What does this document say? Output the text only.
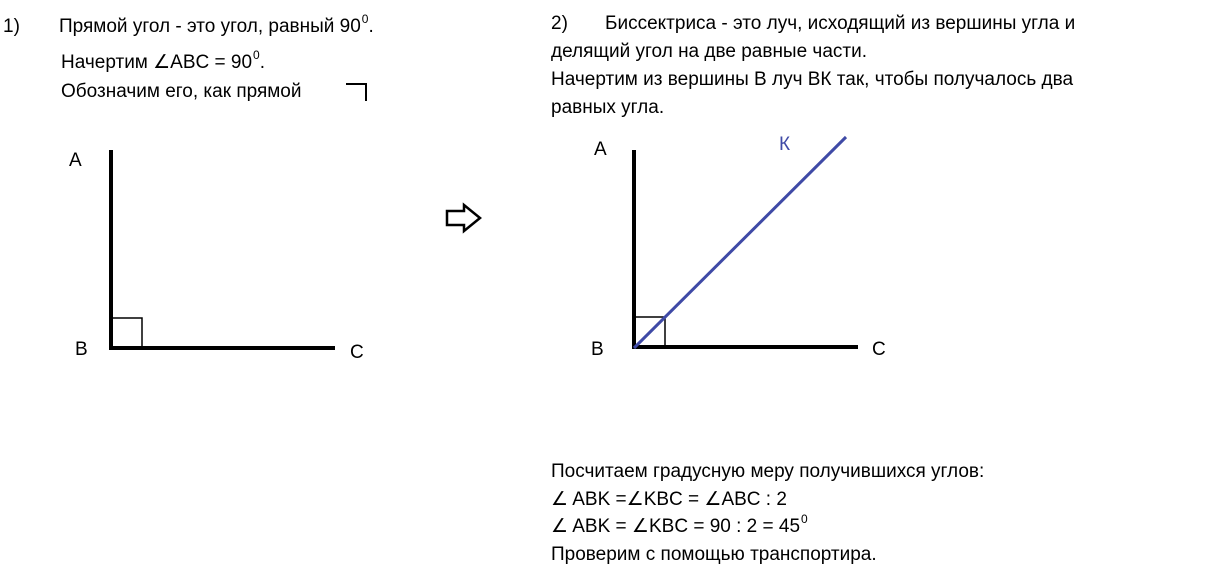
1) Прямой угол - это угол, равный $90^0$.
Начертим ∠ABC = $90^0$.
Обозначим его, как прямой
A
B	C
2) Биссектриса - это луч, исходящий из вершины угла и
делящий угол на две равные части.
Начертим из вершины В луч ВК так, чтобы получалось два
равных угла.
A
B	C
К
Посчитаем градусную меру получившихся углов:
∠ ABK =∠KBC = ∠ABC : 2
∠ ABK = ∠KBC = 90 : $2 = 45^0$
Проверим с помощью транспортира.
